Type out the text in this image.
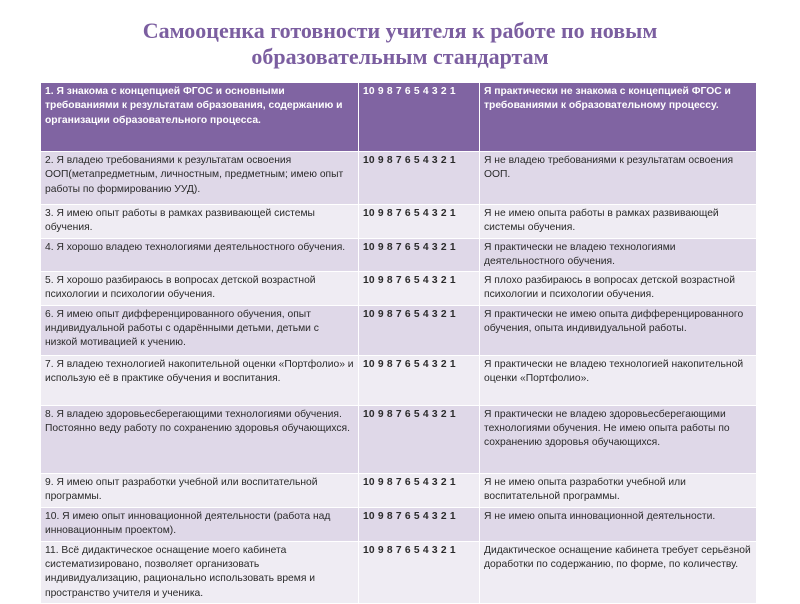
Самооценка готовности учителя к работе по новым
образовательным стандартам
1. Я знакома с концепцией ФГОС и основными требованиями к результатам образования, содержанию и организации образовательного процесса.	10 9 8 7 6 5 4 3 2 1	Я практически не знакома с концепцией ФГОС и требованиями к образовательному процессу.
2. Я владею требованиями к результатам освоения ООП(метапредметным, личностным, предметным; имею опыт работы по формированию УУД).	10 9 8 7 6 5 4 3 2 1	Я не владею требованиями к результатам освоения ООП.
3. Я имею опыт работы в рамках развивающей системы обучения.	10 9 8 7 6 5 4 3 2 1	Я не имею опыта работы в рамках развивающей системы обучения.
4. Я хорошо владею технологиями деятельностного обучения.	10 9 8 7 6 5 4 3 2 1	Я практически не владею технологиями деятельностного обучения.
5. Я хорошо разбираюсь в вопросах детской возрастной психологии и психологии обучения.	10 9 8 7 6 5 4 3 2 1	Я плохо разбираюсь в вопросах детской возрастной психологии и психологии обучения.
6. Я имею опыт дифференцированного обучения, опыт индивидуальной работы с одарёнными детьми, детьми с низкой мотивацией к учению.	10 9 8 7 6 5 4 3 2 1	Я практически не имею опыта дифференцированного обучения, опыта индивидуальной работы.
7. Я владею технологией накопительной оценки «Портфолио» и использую её в практике обучения и воспитания.	10 9 8 7 6 5 4 3 2 1	Я практически не владею технологией накопительной оценки «Портфолио».
8. Я владею здоровьесберегающими технологиями обучения. Постоянно веду работу по сохранению здоровья обучающихся.	10 9 8 7 6 5 4 3 2 1	Я практически не владею здоровьесберегающими технологиями обучения. Не имею опыта работы по сохранению здоровья обучающихся.
9. Я имею опыт разработки учебной или воспитательной программы.	10 9 8 7 6 5 4 3 2 1	Я не имею опыта разработки учебной или воспитательной программы.
10. Я имею опыт инновационной деятельности (работа над инновационным проектом).	10 9 8 7 6 5 4 3 2 1	Я не имею опыта инновационной деятельности.
11. Всё дидактическое оснащение моего кабинета систематизировано, позволяет организовать индивидуализацию, рационально использовать время и пространство учителя и ученика.	10 9 8 7 6 5 4 3 2 1	Дидактическое оснащение кабинета требует серьёзной доработки по содержанию, по форме, по количеству.
